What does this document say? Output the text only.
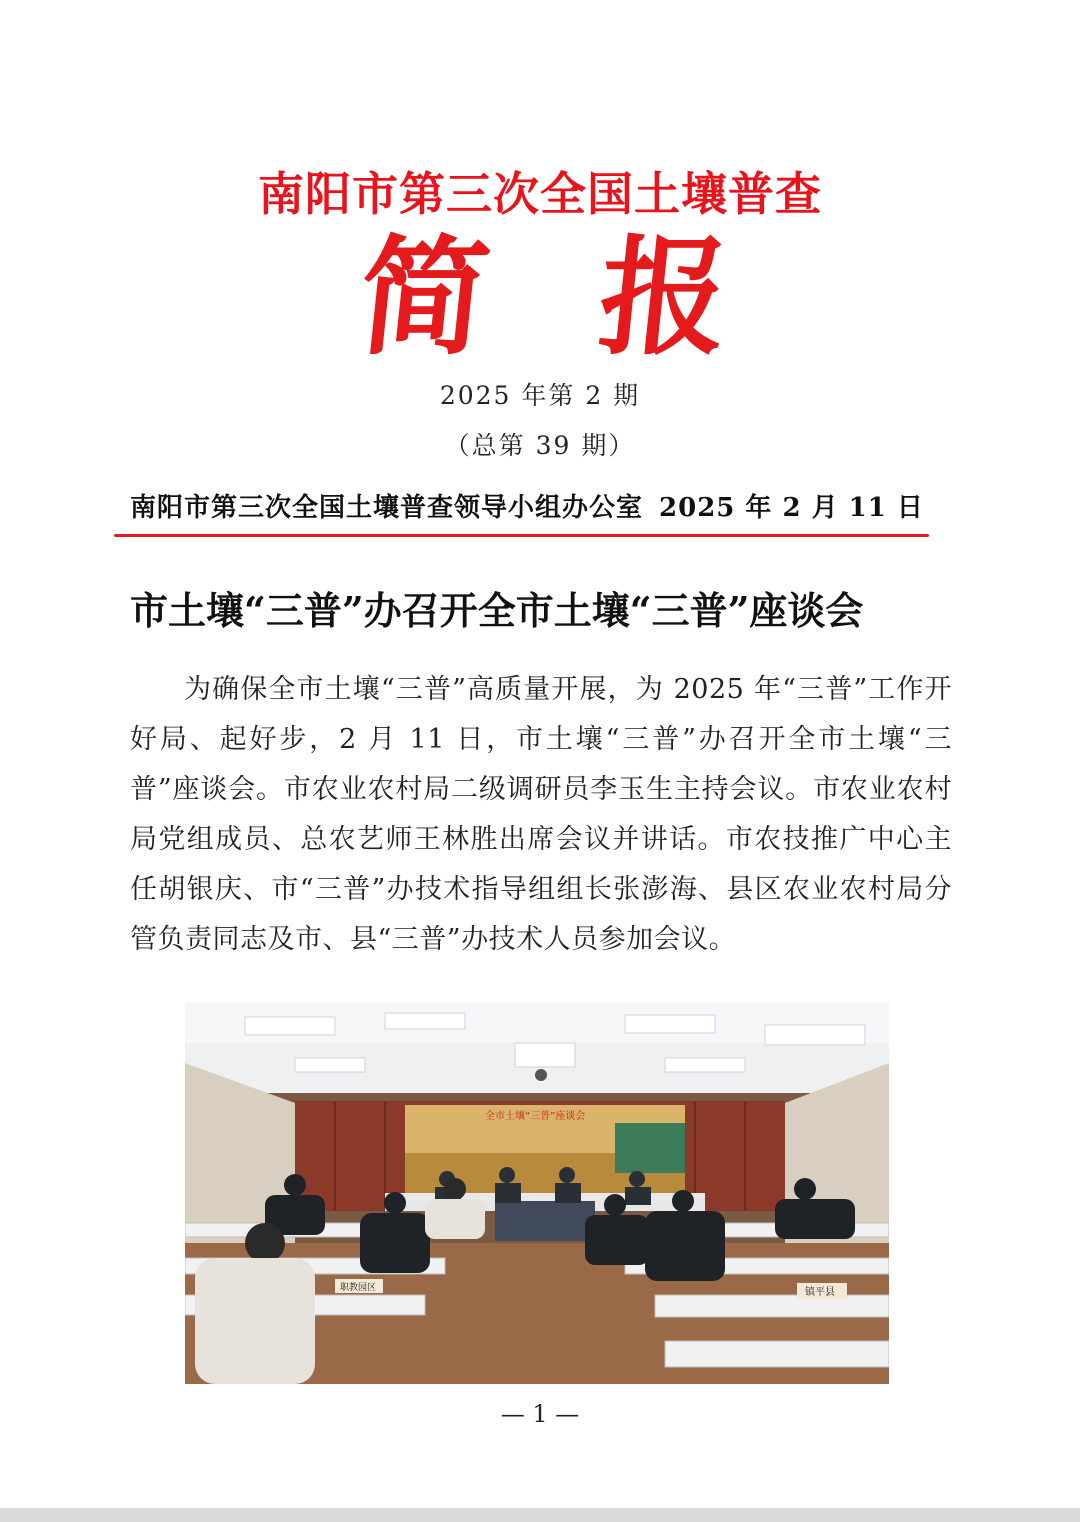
南阳市第三次全国土壤普查
简 报
2025 年第 2 期
（总第 39 期）
南阳市第三次全国土壤普查领导小组办公室 2025 年 2 月 11 日
市土壤“三普”办召开全市土壤“三普”座谈会
为确保全市土壤“三普”高质量开展，为 2025 年“三普”工作开好局、起好步，2 月 11 日，市土壤“三普”办召开全市土壤“三普”座谈会。市农业农村局二级调研员李玉生主持会议。市农业农村局党组成员、总农艺师王林胜出席会议并讲话。市农技推广中心主任胡银庆、市“三普”办技术指导组组长张澎海、县区农业农村局分管负责同志及市、县“三普”办技术人员参加会议。
全市土壤“三普”座谈会
职教园区	镇平县
— 1 —
